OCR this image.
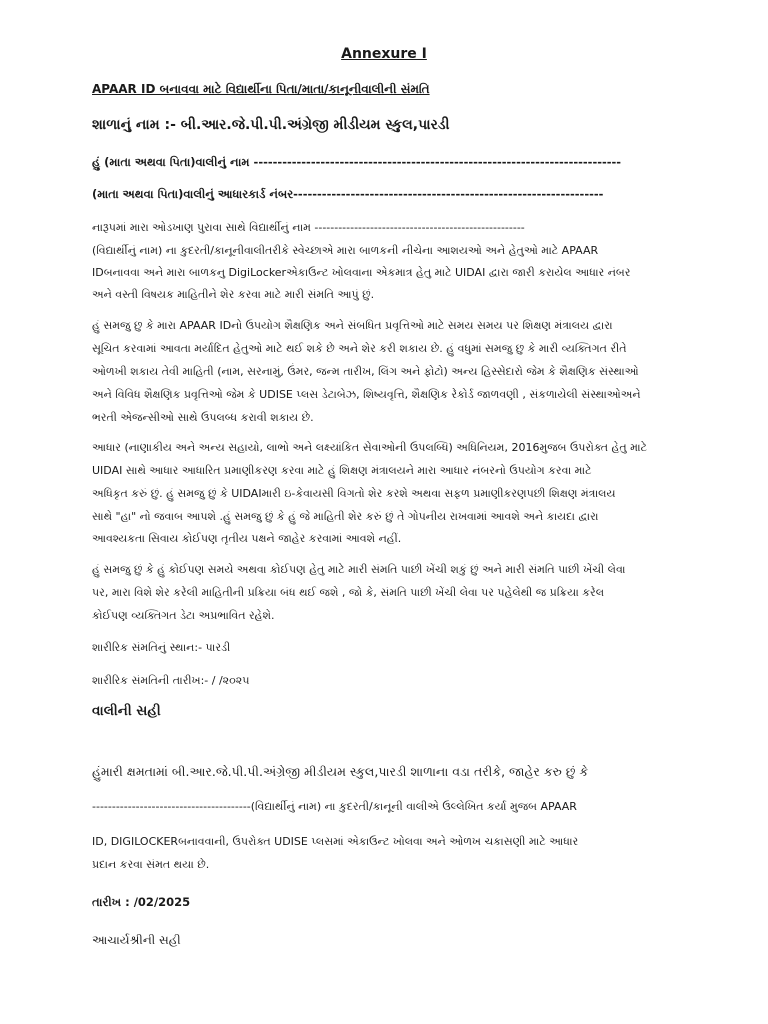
Annexure I
APAAR ID બનાવવા માટે વિદ્યાર્થીના પિતા/માતા/કાનૂનીવાલીની સંમતિ
શાળાનું નામ :- બી.આર.જે.પી.પી.અંગ્રેજી મીડીયમ સ્કુલ,પારડી
હું (માતા અથવા પિતા)વાલીનું નામ -----------------------------------------------------------------------------
(માતા અથવા પિતા)વાલીનું આધારકાર્ડ નંબર-----------------------------------------------------------------
નારૂપમાં મારા ઓડખાણ પુરાવા સાથે વિદ્યાર્થીનું નામ -----------------------------------------------------
(વિદ્યાર્થીનું નામ) ના કુદરતી/કાનૂનીવાલીતરીકે સ્વેચ્છાએ મારા બાળકની નીચેના આશયઓ અને હેતુઓ માટે APAAR
IDબનાવવા અને મારા બાળકનુ DigiLockerએકાઉન્ટ ખોલવાના એકમાત્ર હેતુ માટે UIDAI દ્વારા જારી કરાયેલ આધાર નંબર
અને વસ્તી વિષયક માહિતીને શેર કરવા માટે મારી સંમતિ આપું છું.
હું સમજુ છુ કે મારા APAAR IDનો ઉપયોગ શૈક્ષણિક અને સંબધિત પ્રવૃત્તિઓ માટે સમય સમય પર શિક્ષણ મંત્રાલય દ્વારા
સૂચિત કરવામાં આવતા મર્યાદિત હેતુઓ માટે થઈ શકે છે અને શેર કરી શકાય છે. હું વધુમાં સમજુ છુ કે મારી વ્યક્તિગત રીતે
ઓળખી શકાય તેવી માહિતી (નામ, સરનામું, ઉંમર, જન્મ તારીખ, લિંગ અને ફોટો) અન્ય હિસ્સેદારો જેમ કે શૈક્ષણિક સંસ્થાઓ
અને વિવિધ શૈક્ષણિક પ્રવૃત્તિઓ જેમ કે UDISE પ્લસ ડેટાબેઝ, શિષ્યવૃત્તિ, શૈક્ષણિક રેકોર્ડ જાળવણી , સંકળાયેલી સંસ્થાઓઅને
ભરતી એજન્સીઓ સાથે ઉપલબ્ધ કરાવી શકાય છે.
આધાર (નાણાકીય અને અન્ય સહાયો, લાભો અને લક્ષ્યાંકિત સેવાઓની ઉપલબ્ધિ) અધિનિયમ, 2016મુજબ ઉપરોક્ત હેતુ માટે
UIDAI સાથે આધાર આધારિત પ્રમાણીકરણ કરવા માટે હું શિક્ષણ મંત્રાલયને મારા આધાર નંબરનો ઉપયોગ કરવા માટે
અધિકૃત કરું છું. હું સમજુ છું કે UIDAIમારી ઇ-કેવાયસી વિગતો શેર કરશે અથવા સફળ પ્રમાણીકરણપછી શિક્ષણ મંત્રાલય
સાથે "હા" નો જવાબ આપશે .હું સમજુ છું કે હું જે માહિતી શેર કરું છું તે ગોપનીય રાખવામાં આવશે અને કાયદા દ્વારા
આવશ્યકતા સિવાય કોઈપણ તૃતીય પક્ષને જાહેર કરવામાં આવશે નહીં.
હું સમજુ છું કે હું કોઈપણ સમયે અથવા કોઈપણ હેતુ માટે મારી સંમતિ પાછી ખેંચી શકું છું અને મારી સંમતિ પાછી ખેંચી લેવા
પર, મારા વિશે શેર કરેલી માહિતીની પ્રક્રિયા બંધ થઈ જશે , જો કે, સંમતિ પાછી ખેંચી લેવા પર પહેલેથી જ પ્રક્રિયા કરેલ
કોઈપણ વ્યક્તિગત ડેટા અપ્રભાવિત રહેશે.
શારીરિક સંમતિનું સ્થાન:- પારડી
શારીરિક સંમતિની તારીખ:- / /૨૦૨૫
વાલીની સહી
હુંમારી ક્ષમતામાં બી.આર.જે.પી.પી.અંગ્રેજી મીડીયમ સ્કુલ,પારડી શાળાના વડા તરીકે, જાહેર કરુ છું કે
----------------------------------------(વિદ્યાર્થીનું નામ) ના કુદરતી/કાનૂની વાલીએ ઉલ્લેખિત કર્યા મુજબ APAAR
ID, DIGILOCKERબનાવવાની, ઉપરોક્ત UDISE પ્લસમાં એકાઉન્ટ ખોલવા અને ઓળખ ચકાસણી માટે આધાર
પ્રદાન કરવા સંમત થયા છે.
તારીખ : /02/2025
આચાર્યશ્રીની સહી
